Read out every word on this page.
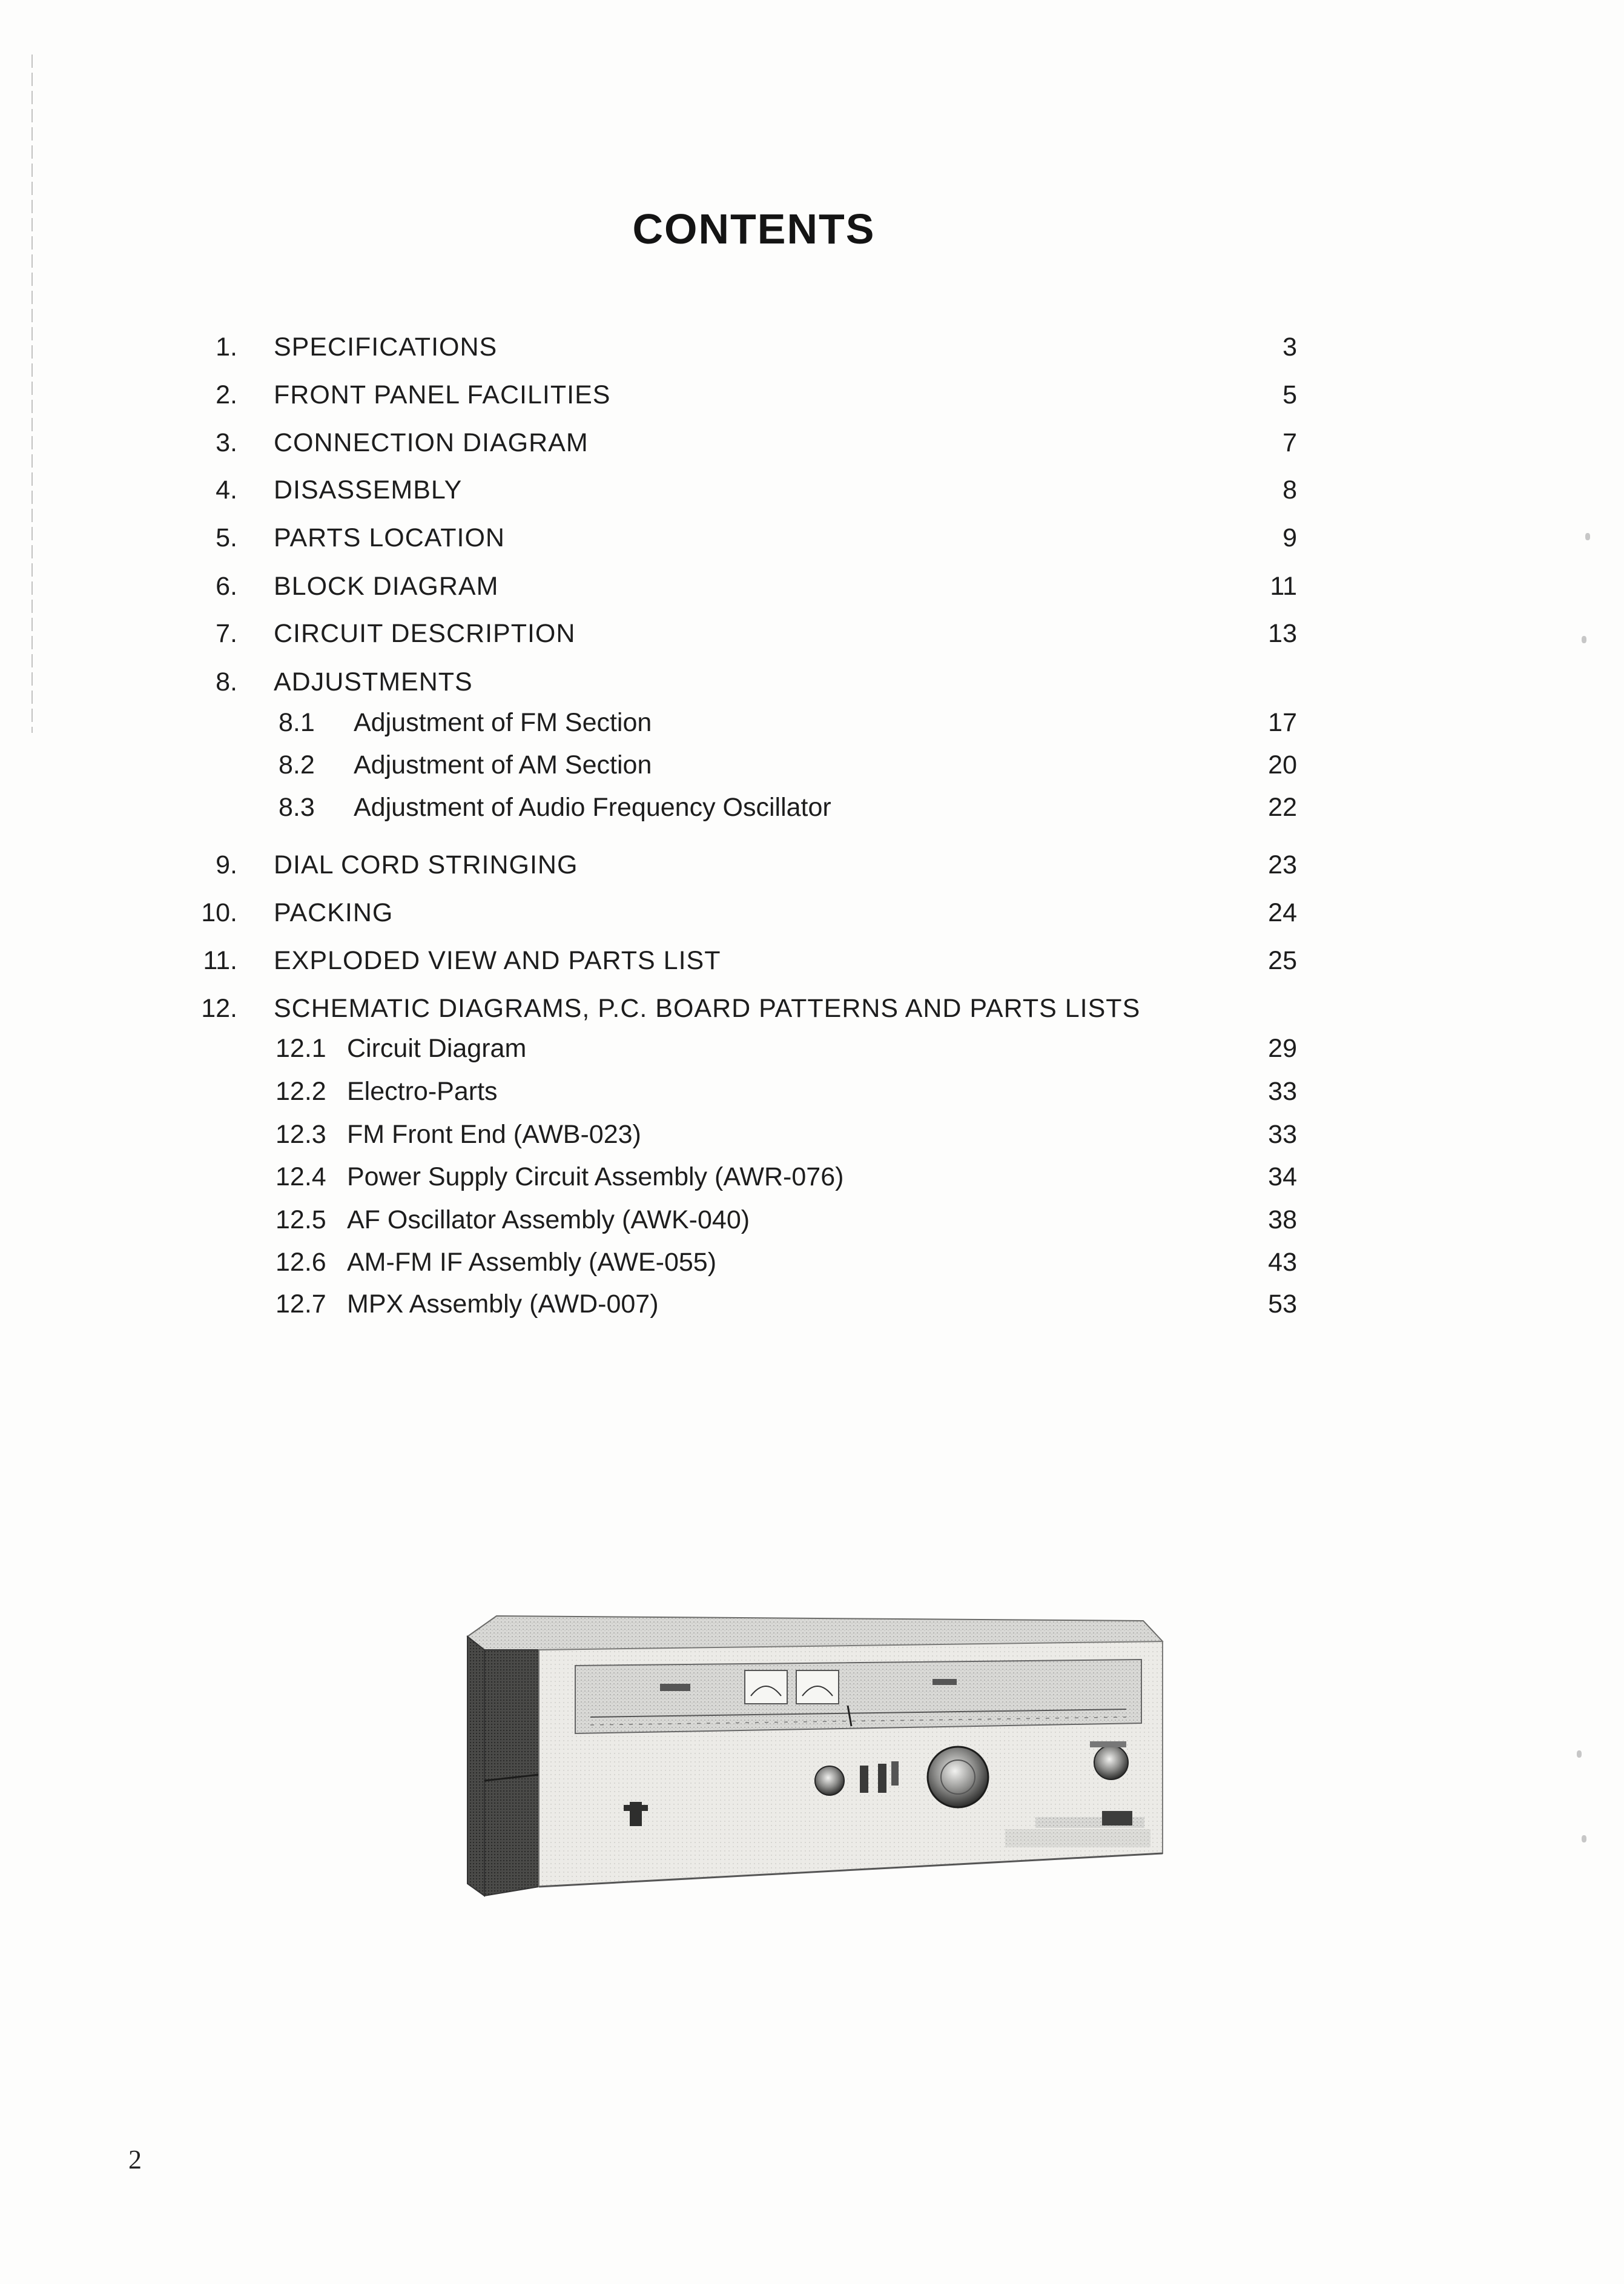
CONTENTS
1. SPECIFICATIONS	3
2. FRONT PANEL FACILITIES	5
3. CONNECTION DIAGRAM	7
4. DISASSEMBLY	8
5. PARTS LOCATION	9
6. BLOCK DIAGRAM	11
7. CIRCUIT DESCRIPTION	13
8. ADJUSTMENTS
8.1 Adjustment of FM Section	17
8.2 Adjustment of AM Section	20
8.3 Adjustment of Audio Frequency Oscillator	22
9. DIAL CORD STRINGING	23
10. PACKING	24
11. EXPLODED VIEW AND PARTS LIST	25
12. SCHEMATIC DIAGRAMS, P.C. BOARD PATTERNS AND PARTS LISTS
12.1 Circuit Diagram	29
12.2 Electro-Parts	33
12.3 FM Front End (AWB-023)	33
12.4 Power Supply Circuit Assembly (AWR-076)	34
12.5 AF Oscillator Assembly (AWK-040)	38
12.6 AM-FM IF Assembly (AWE-055)	43
12.7 MPX Assembly (AWD-007)	53
2
